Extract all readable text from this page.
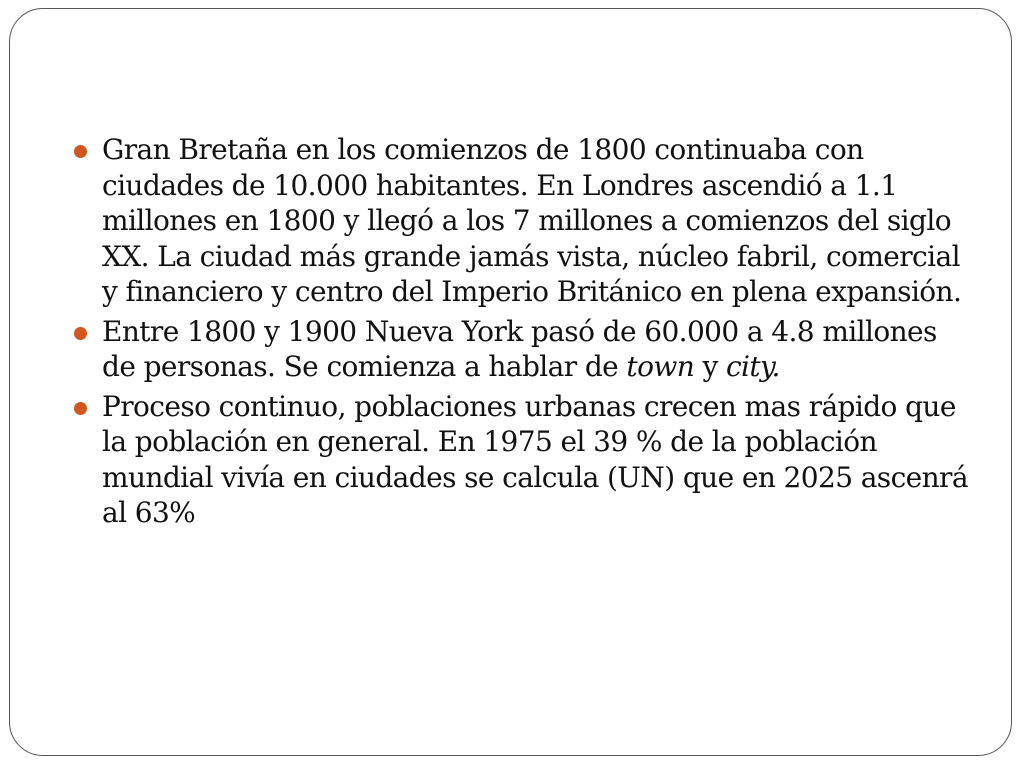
Gran Bretaña en los comienzos de 1800 continuaba con ciudades de 10.000 habitantes. En Londres ascendió a 1.1 millones en 1800 y llegó a los 7 millones a comienzos del siglo XX. La ciudad más grande jamás vista, núcleo fabril, comercial y financiero y centro del Imperio Británico en plena expansión.
Entre 1800 y 1900 Nueva York pasó de 60.000 a 4.8 millones de personas. Se comienza a hablar de town y city.
Proceso continuo, poblaciones urbanas crecen mas rápido que la población en general. En 1975 el 39 % de la población mundial vivía en ciudades se calcula (UN) que en 2025 ascenrá al 63%
